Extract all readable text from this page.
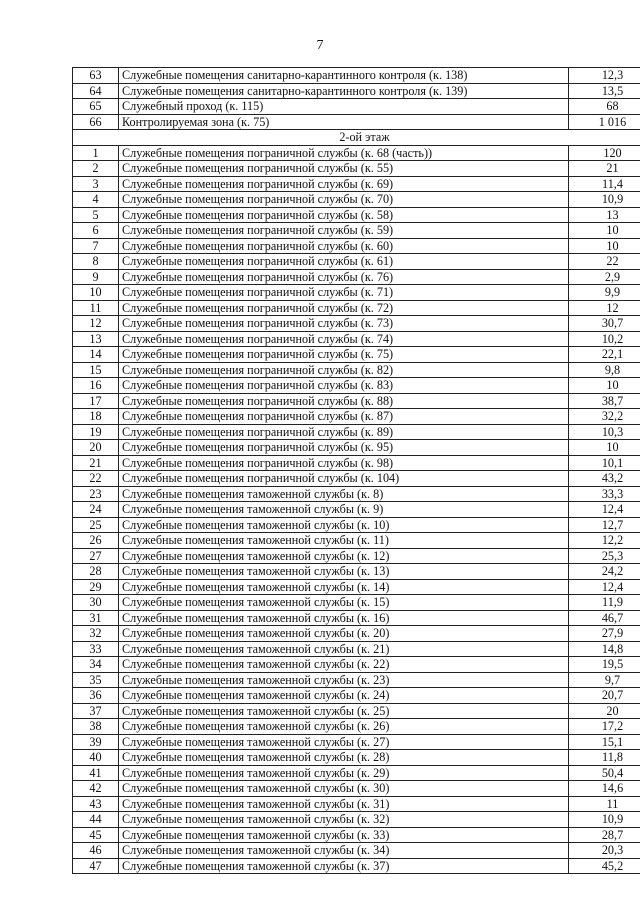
7
63	Служебные помещения санитарно-карантинного контроля (к. 138)	12,3
64	Служебные помещения санитарно-карантинного контроля (к. 139)	13,5
65	Служебный проход (к. 115)	68
66	Контролируемая зона (к. 75)	1 016
2-ой этаж		
1	Служебные помещения пограничной службы (к. 68 (часть))	120
2	Служебные помещения пограничной службы (к. 55)	21
3	Служебные помещения пограничной службы (к. 69)	11,4
4	Служебные помещения пограничной службы (к. 70)	10,9
5	Служебные помещения пограничной службы (к. 58)	13
6	Служебные помещения пограничной службы (к. 59)	10
7	Служебные помещения пограничной службы (к. 60)	10
8	Служебные помещения пограничной службы (к. 61)	22
9	Служебные помещения пограничной службы (к. 76)	2,9
10	Служебные помещения пограничной службы (к. 71)	9,9
11	Служебные помещения пограничной службы (к. 72)	12
12	Служебные помещения пограничной службы (к. 73)	30,7
13	Служебные помещения пограничной службы (к. 74)	10,2
14	Служебные помещения пограничной службы (к. 75)	22,1
15	Служебные помещения пограничной службы (к. 82)	9,8
16	Служебные помещения пограничной службы (к. 83)	10
17	Служебные помещения пограничной службы (к. 88)	38,7
18	Служебные помещения пограничной службы (к. 87)	32,2
19	Служебные помещения пограничной службы (к. 89)	10,3
20	Служебные помещения пограничной службы (к. 95)	10
21	Служебные помещения пограничной службы (к. 98)	10,1
22	Служебные помещения пограничной службы (к. 104)	43,2
23	Служебные помещения таможенной службы (к. 8)	33,3
24	Служебные помещения таможенной службы (к. 9)	12,4
25	Служебные помещения таможенной службы (к. 10)	12,7
26	Служебные помещения таможенной службы (к. 11)	12,2
27	Служебные помещения таможенной службы (к. 12)	25,3
28	Служебные помещения таможенной службы (к. 13)	24,2
29	Служебные помещения таможенной службы (к. 14)	12,4
30	Служебные помещения таможенной службы (к. 15)	11,9
31	Служебные помещения таможенной службы (к. 16)	46,7
32	Служебные помещения таможенной службы (к. 20)	27,9
33	Служебные помещения таможенной службы (к. 21)	14,8
34	Служебные помещения таможенной службы (к. 22)	19,5
35	Служебные помещения таможенной службы (к. 23)	9,7
36	Служебные помещения таможенной службы (к. 24)	20,7
37	Служебные помещения таможенной службы (к. 25)	20
38	Служебные помещения таможенной службы (к. 26)	17,2
39	Служебные помещения таможенной службы (к. 27)	15,1
40	Служебные помещения таможенной службы (к. 28)	11,8
41	Служебные помещения таможенной службы (к. 29)	50,4
42	Служебные помещения таможенной службы (к. 30)	14,6
43	Служебные помещения таможенной службы (к. 31)	11
44	Служебные помещения таможенной службы (к. 32)	10,9
45	Служебные помещения таможенной службы (к. 33)	28,7
46	Служебные помещения таможенной службы (к. 34)	20,3
47	Служебные помещения таможенной службы (к. 37)	45,2
